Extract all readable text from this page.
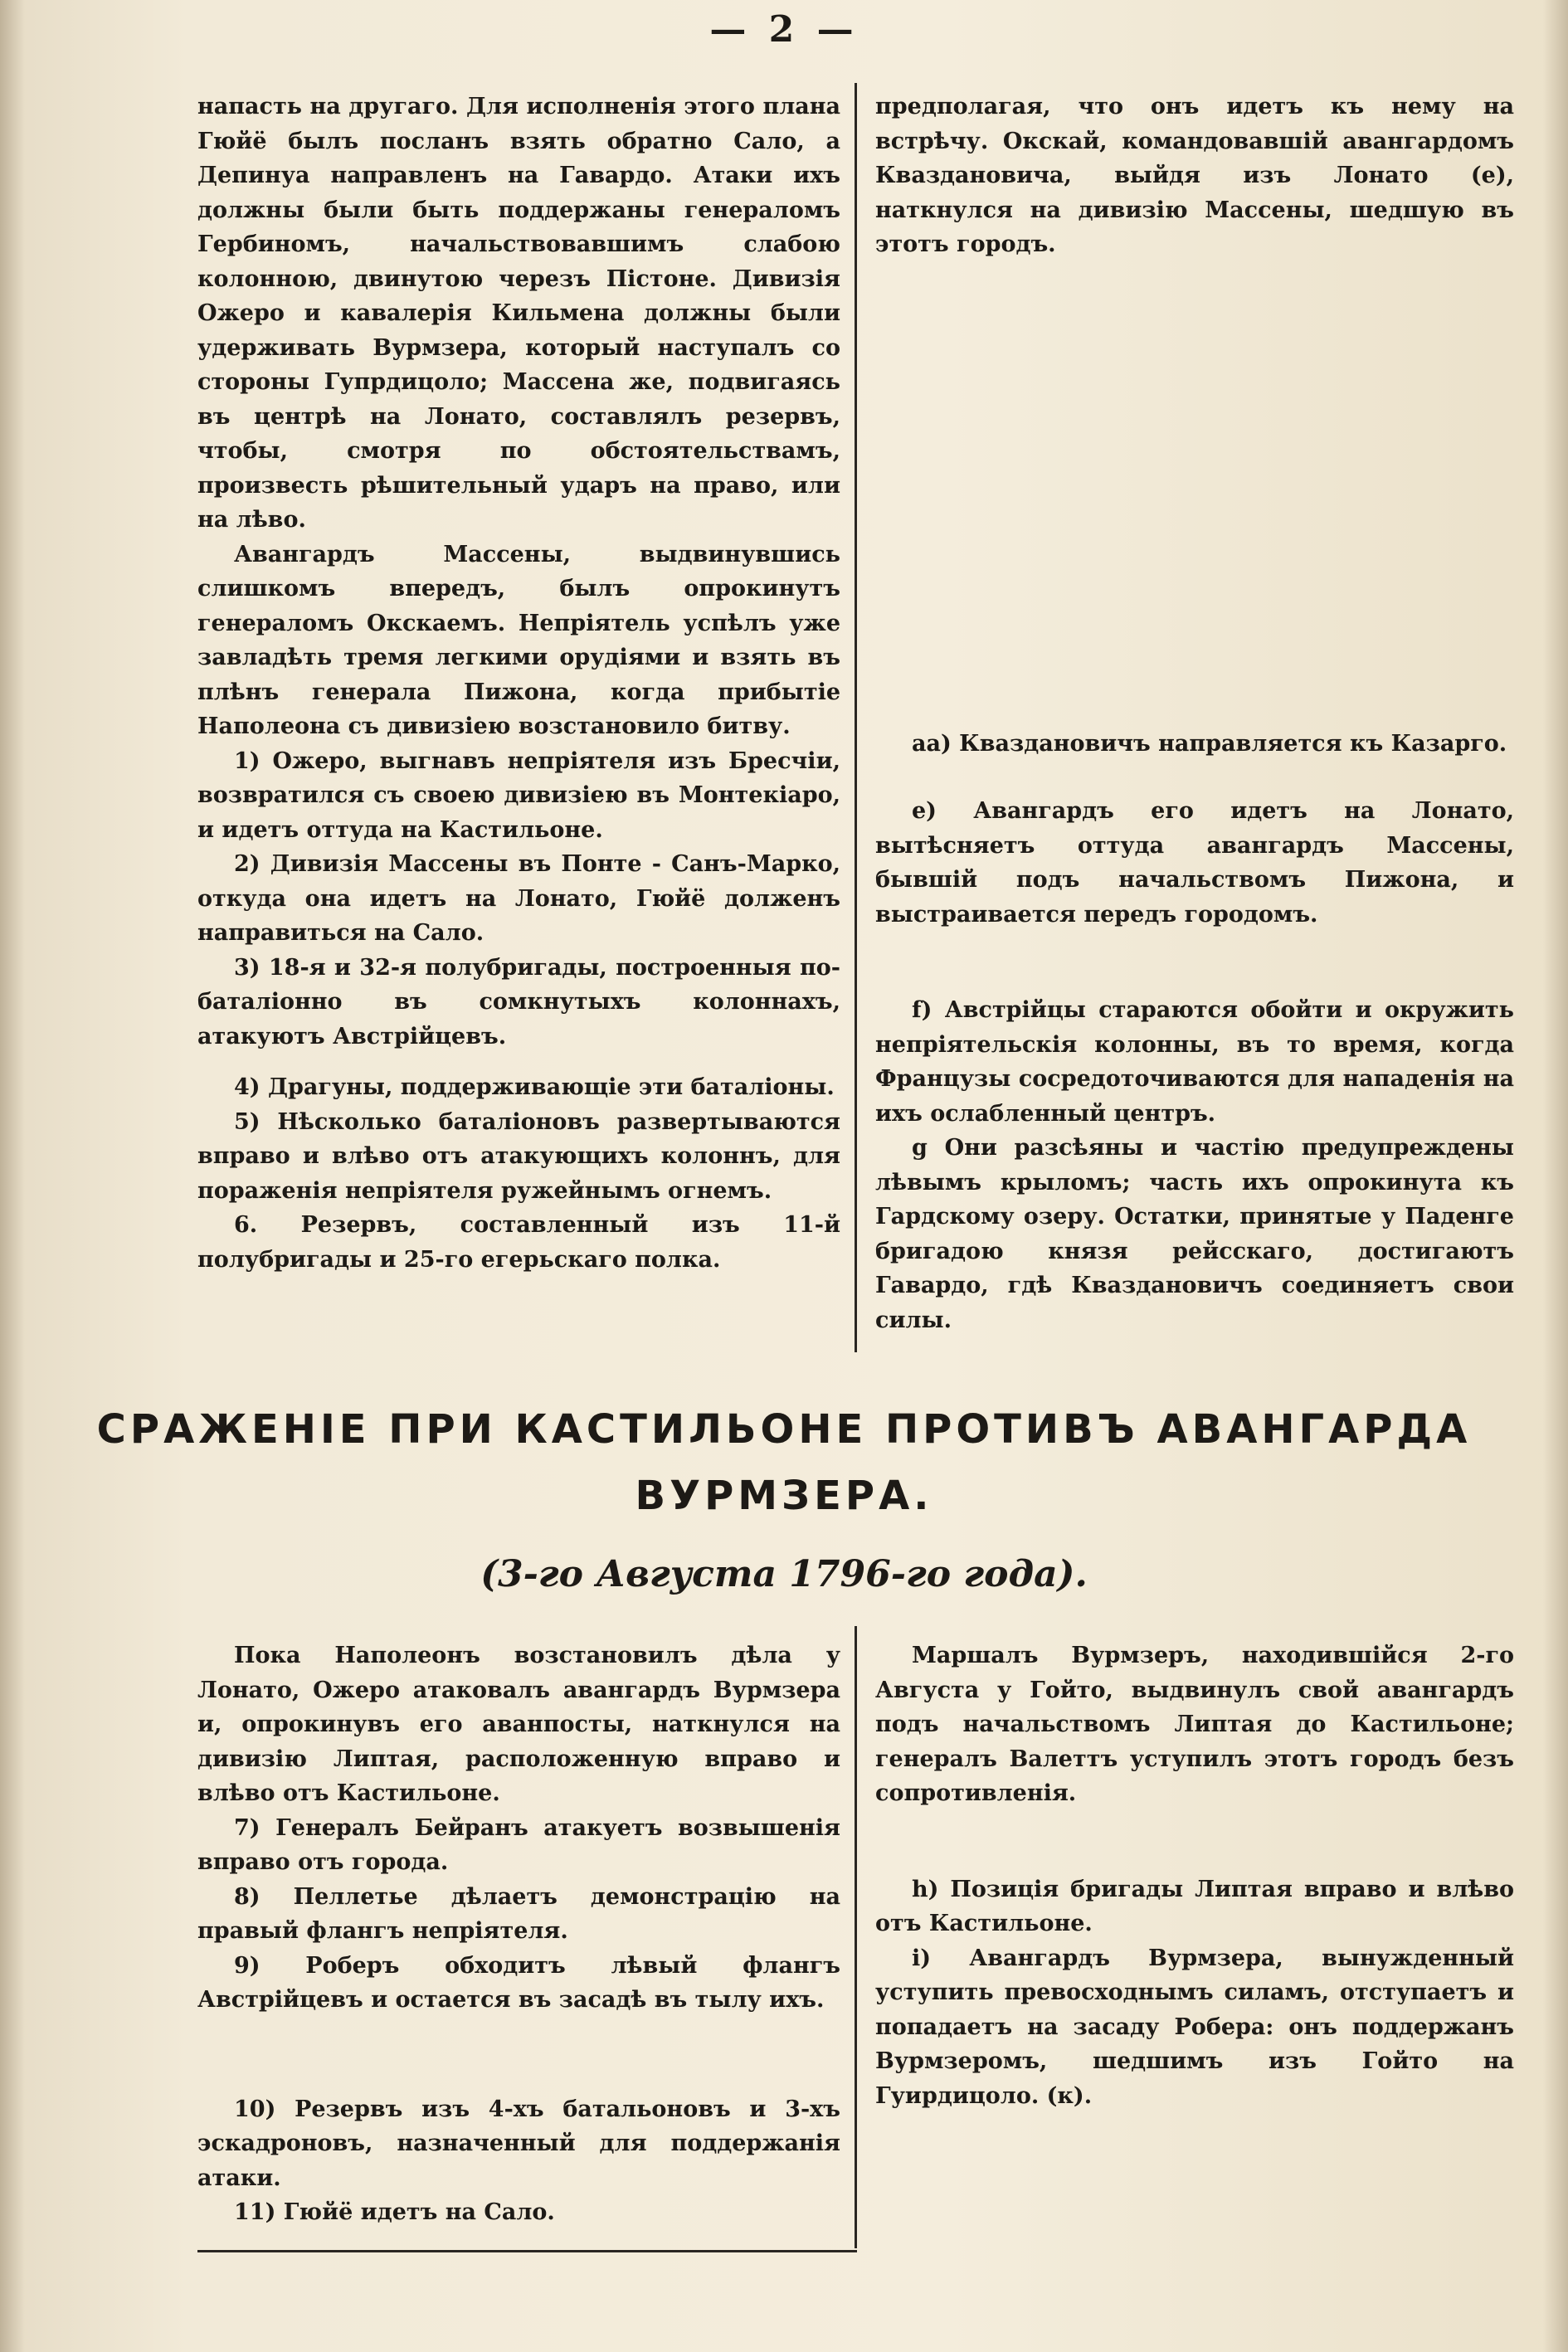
— 2 —

напасть на другаго. Для исполненія этого плана Гюйё былъ посланъ взять обратно Сало, а Депинуа направленъ на Гавардо. Атаки ихъ должны были быть поддержаны генераломъ Гербиномъ, начальствовавшимъ слабою колонною, двинутою черезъ Пістоне. Дивизія Ожеро и кавалерія Кильмена должны были удерживать Вурмзера, который наступалъ со стороны Гупрдицоло; Массена же, подвигаясь въ центрѣ на Лонато, составлялъ резервъ, чтобы, смотря по обстоятельствамъ, произвесть рѣшительный ударъ на право, или на лѣво.

Авангардъ Массены, выдвинувшись слишкомъ впередъ, былъ опрокинутъ генераломъ Окскаемъ. Непріятель успѣлъ уже завладѣть тремя легкими орудіями и взять въ плѣнъ генерала Пижона, когда прибытіе Наполеона съ дивизіею возстановило битву.

1) Ожеро, выгнавъ непріятеля изъ Бресчіи, возвратился съ своею дивизіею въ Монтекіаро, и идетъ оттуда на Кастильоне.

2) Дивизія Массены въ Понте - Санъ-Марко, откуда она идетъ на Лонато, Гюйё долженъ направиться на Сало.

3) 18-я и 32-я полубригады, построенныя по-баталіонно въ сомкнутыхъ колоннахъ, атакуютъ Австрійцевъ.

4) Драгуны, поддерживающіе эти баталіоны.

5) Нѣсколько баталіоновъ развертываются вправо и влѣво отъ атакующихъ колоннъ, для пораженія непріятеля ружейнымъ огнемъ.

6. Резервъ, составленный изъ 11-й полубригады и 25-го егерьскаго полка.

предполагая, что онъ идетъ къ нему на встрѣчу. Окскай, командовавшій авангардомъ Кваздановича, выйдя изъ Лонато (е), наткнулся на дивизію Массены, шедшую въ этотъ городъ.

аа) Кваздановичъ направляется къ Казарго.

е) Авангардъ его идетъ на Лонато, вытѣсняетъ оттуда авангардъ Массены, бывшій подъ начальствомъ Пижона, и выстраивается передъ городомъ.

f) Австрійцы стараются обойти и окружить непріятельскія колонны, въ то время, когда Французы сосредоточиваются для нападенія на ихъ ослабленный центръ.

g Они разсѣяны и частію предупреждены лѣвымъ крыломъ; часть ихъ опрокинута къ Гардскому озеру. Остатки, принятые у Паденге бригадою князя рейсскаго, достигаютъ Гавардо, гдѣ Кваздановичъ соединяетъ свои силы.

СРАЖЕНІЕ ПРИ КАСТИЛЬОНЕ ПРОТИВЪ АВАНГАРДА
ВУРМЗЕРА.
(3-го Августа 1796-го года).

Пока Наполеонъ возстановилъ дѣла у Лонато, Ожеро атаковалъ авангардъ Вурмзера и, опрокинувъ его аванпосты, наткнулся на дивизію Липтая, расположенную вправо и влѣво отъ Кастильоне.

7) Генералъ Бейранъ атакуетъ возвышенія вправо отъ города.

8) Пеллетье дѣлаетъ демонстрацію на правый флангъ непріятеля.

9) Роберъ обходитъ лѣвый флангъ Австрійцевъ и остается въ засадѣ въ тылу ихъ.

10) Резервъ изъ 4-хъ батальоновъ и 3-хъ эскадроновъ, назначенный для поддержанія атаки.

11) Гюйё идетъ на Сало.

Маршалъ Вурмзеръ, находившійся 2-го Августа у Гойто, выдвинулъ свой авангардъ подъ начальствомъ Липтая до Кастильоне; генералъ Валеттъ уступилъ этотъ городъ безъ сопротивленія.

h) Позиція бригады Липтая вправо и влѣво отъ Кастильоне.

i) Авангардъ Вурмзера, вынужденный уступить превосходнымъ силамъ, отступаетъ и попадаетъ на засаду Робера: онъ поддержанъ Вурмзеромъ, шедшимъ изъ Гойто на Гуирдицоло. (к).
